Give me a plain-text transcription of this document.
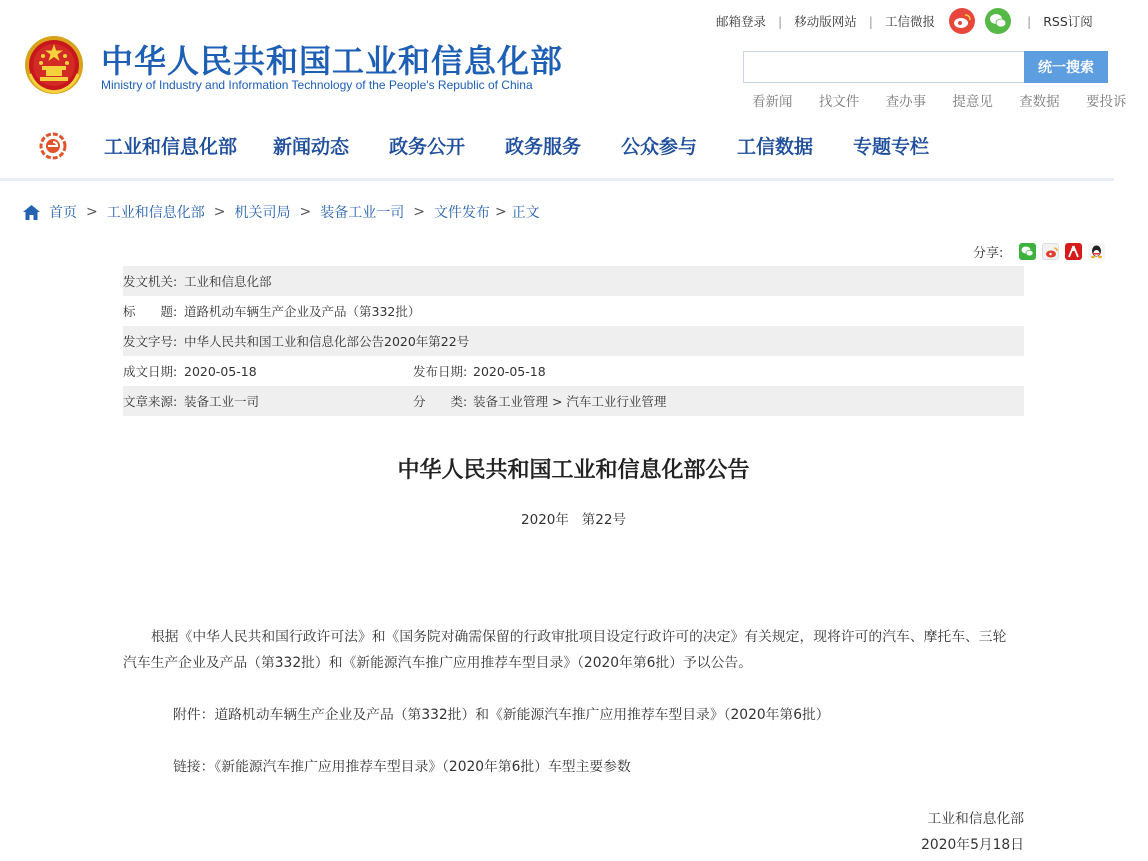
中华人民共和国工业和信息化部
Ministry of Industry and Information Technology of the People's Republic of China
邮箱登录 | 移动版网站 | 工信微报	| RSS订阅
统一搜索
看新闻 找文件 查办事 提意见 查数据 要投诉
工业和信息化部 新闻动态 政务公开 政务服务 公众参与 工信数据 专题专栏
首页 > 工业和信息化部 > 机关司局 > 装备工业一司 > 文件发布 > 正文
分享:
发文机关: 工业和信息化部
标　　题: 道路机动车辆生产企业及产品（第332批）
发文字号: 中华人民共和国工业和信息化部公告2020年第22号
成文日期: 2020-05-18	发布日期: 2020-05-18
文章来源: 装备工业一司	分　　类: 装备工业管理 > 汽车工业行业管理
中华人民共和国工业和信息化部公告
2020年   第22号
根据《中华人民共和国行政许可法》和《国务院对确需保留的行政审批项目设定行政许可的决定》有关规定，现将许可的汽车、摩托车、三轮
汽车生产企业及产品（第332批）和《新能源汽车推广应用推荐车型目录》（2020年第6批）予以公告。
附件：道路机动车辆生产企业及产品（第332批）和《新能源汽车推广应用推荐车型目录》（2020年第6批）
链接：《新能源汽车推广应用推荐车型目录》（2020年第6批）车型主要参数
工业和信息化部
2020年5月18日
